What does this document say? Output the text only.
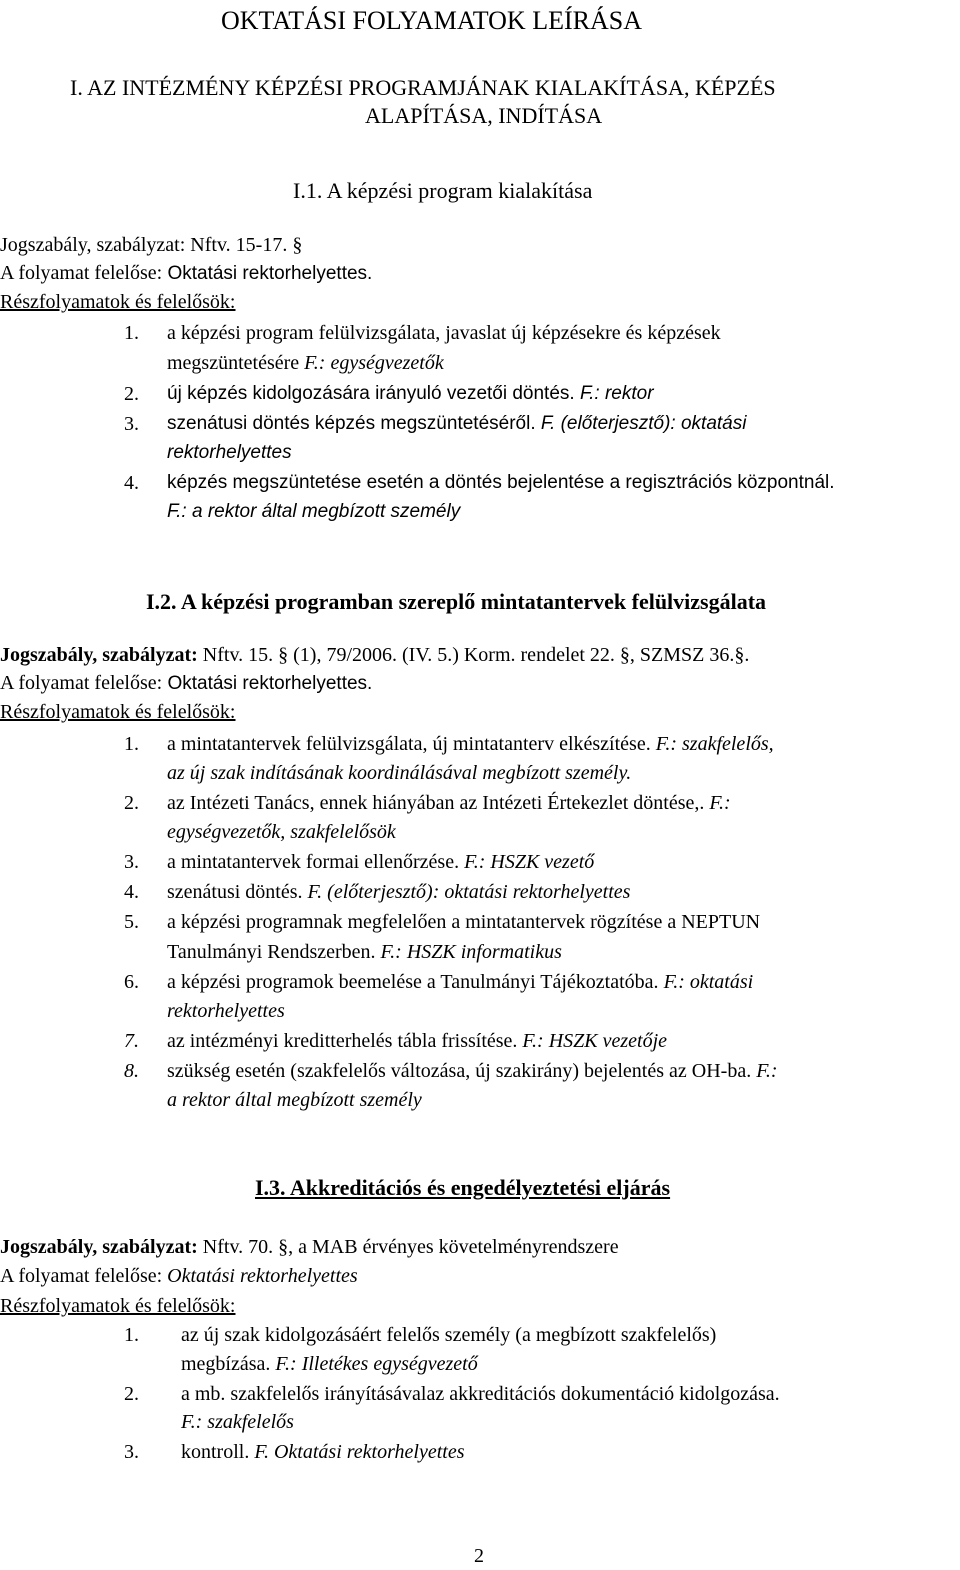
OKTATÁSI FOLYAMATOK LEÍRÁSA
I. AZ INTÉZMÉNY KÉPZÉSI PROGRAMJÁNAK KIALAKÍTÁSA, KÉPZÉS
ALAPÍTÁSA, INDÍTÁSA
I.1. A képzési program kialakítása
Jogszabály, szabályzat: Nftv. 15-17. §
A folyamat felelőse: Oktatási rektorhelyettes.
Részfolyamatok és felelősök:
1. a képzési program felülvizsgálata, javaslat új képzésekre és képzések
megszüntetésére F.: egységvezetők
2. új képzés kidolgozására irányuló vezetői döntés. F.: rektor
3. szenátusi döntés képzés megszüntetéséről. F. (előterjesztő): oktatási
rektorhelyettes
4. képzés megszüntetése esetén a döntés bejelentése a regisztrációs központnál.
F.: a rektor által megbízott személy
I.2. A képzési programban szereplő mintatantervek felülvizsgálata
Jogszabály, szabályzat: Nftv. 15. § (1), 79/2006. (IV. 5.) Korm. rendelet 22. §, SZMSZ 36.§.
A folyamat felelőse: Oktatási rektorhelyettes.
Részfolyamatok és felelősök:
1. a mintatantervek felülvizsgálata, új mintatanterv elkészítése. F.: szakfelelős,
az új szak indításának koordinálásával megbízott személy.
2. az Intézeti Tanács, ennek hiányában az Intézeti Értekezlet döntése,. F.:
egységvezetők, szakfelelősök
3. a mintatantervek formai ellenőrzése. F.: HSZK vezető
4. szenátusi döntés. F. (előterjesztő): oktatási rektorhelyettes
5. a képzési programnak megfelelően a mintatantervek rögzítése a NEPTUN
Tanulmányi Rendszerben. F.: HSZK informatikus
6. a képzési programok beemelése a Tanulmányi Tájékoztatóba. F.: oktatási
rektorhelyettes
7. az intézményi kreditterhelés tábla frissítése. F.: HSZK vezetője
8. szükség esetén (szakfelelős változása, új szakirány) bejelentés az OH-ba. F.:
a rektor által megbízott személy
I.3. Akkreditációs és engedélyeztetési eljárás
Jogszabály, szabályzat: Nftv. 70. §, a MAB érvényes követelményrendszere
A folyamat felelőse: Oktatási rektorhelyettes
Részfolyamatok és felelősök:
1. az új szak kidolgozásáért felelős személy (a megbízott szakfelelős)
megbízása. F.: Illetékes egységvezető
2. a mb. szakfelelős irányításávalaz akkreditációs dokumentáció kidolgozása.
F.: szakfelelős
3. kontroll. F. Oktatási rektorhelyettes
2
